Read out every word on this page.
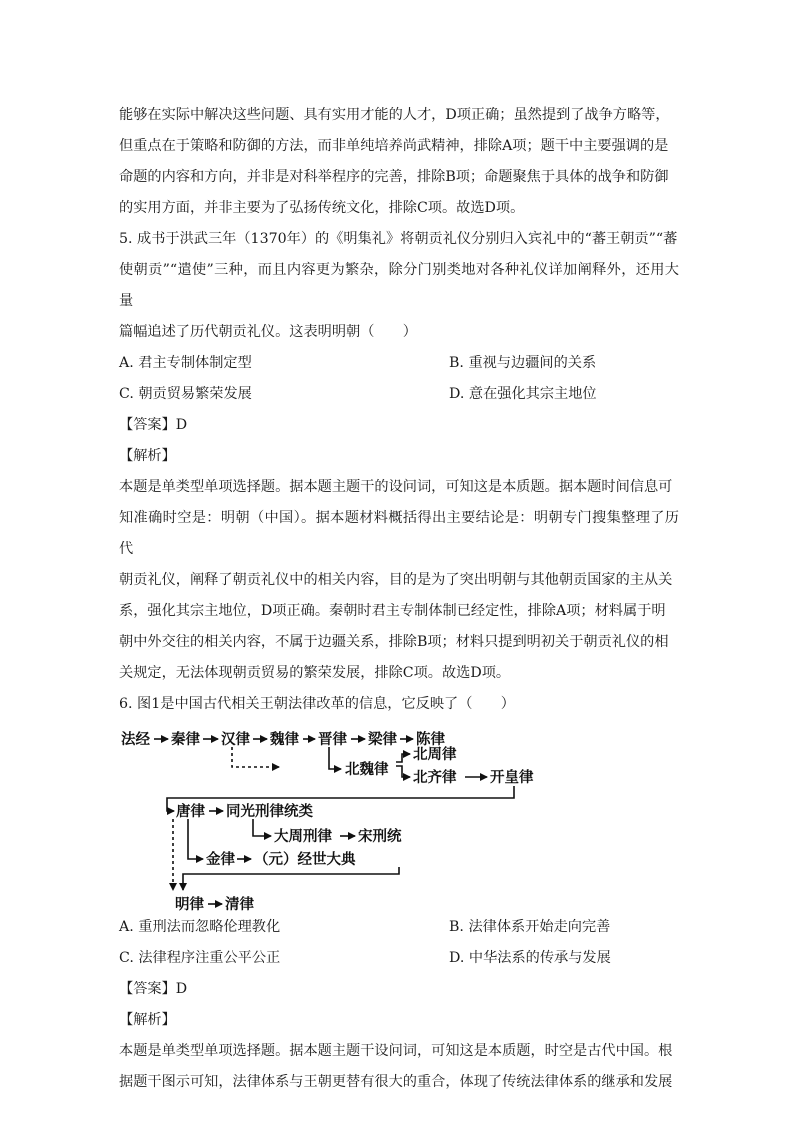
能够在实际中解决这些问题、具有实用才能的人才，D项正确；虽然提到了战争方略等，

但重点在于策略和防御的方法，而非单纯培养尚武精神，排除A项；题干中主要强调的是

命题的内容和方向，并非是对科举程序的完善，排除B项；命题聚焦于具体的战争和防御

的实用方面，并非主要为了弘扬传统文化，排除C项。故选D项。

5. 成书于洪武三年（1370年）的《明集礼》将朝贡礼仪分别归入宾礼中的“蕃王朝贡”“蕃

使朝贡”“遣使”三种，而且内容更为繁杂，除分门别类地对各种礼仪详加阐释外，还用大量

篇幅追述了历代朝贡礼仪。这表明明朝（　　）

A. 君主专制体制定型	B. 重视与边疆间的关系
C. 朝贡贸易繁荣发展	D. 意在强化其宗主地位

【答案】D

【解析】

本题是单类型单项选择题。据本题主题干的设问词，可知这是本质题。据本题时间信息可

知准确时空是：明朝（中国）。据本题材料概括得出主要结论是：明朝专门搜集整理了历代

朝贡礼仪，阐释了朝贡礼仪中的相关内容，目的是为了突出明朝与其他朝贡国家的主从关

系，强化其宗主地位，D项正确。秦朝时君主专制体制已经定性，排除A项；材料属于明

朝中外交往的相关内容，不属于边疆关系，排除B项；材料只提到明初关于朝贡礼仪的相

关规定，无法体现朝贡贸易的繁荣发展，排除C项。故选D项。

6. 图1是中国古代相关王朝法律改革的信息，它反映了（　　）

法经 秦律 汉律 魏律 晋律 梁律 陈律
北魏律
北周律
北齐律 开皇律
唐律 同光刑律统类
大周刑律 宋刑统
金律 （元）经世大典
明律 清律
A. 重刑法而忽略伦理教化	B. 法律体系开始走向完善
C. 法律程序注重公平公正	D. 中华法系的传承与发展

【答案】D

【解析】

本题是单类型单项选择题。据本题主题干设问词，可知这是本质题，时空是古代中国。根

据题干图示可知，法律体系与王朝更替有很大的重合，体现了传统法律体系的继承和发展
